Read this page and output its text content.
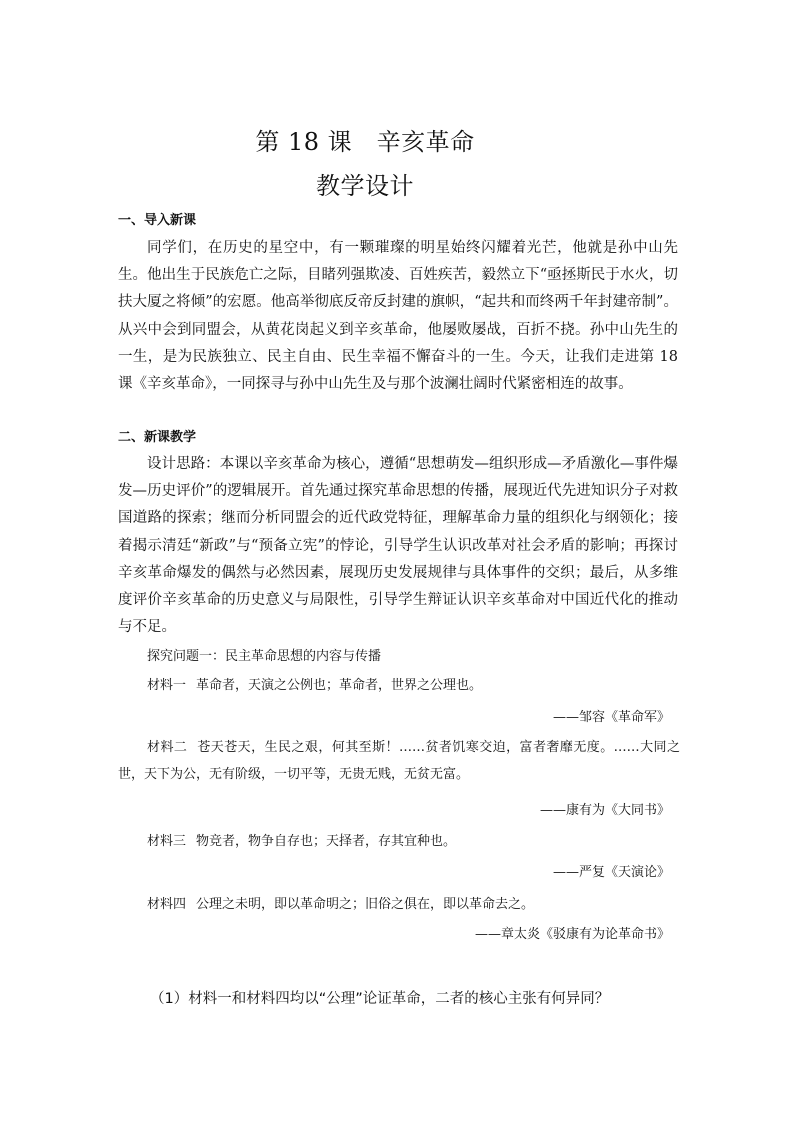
第 18 课　辛亥革命
教学设计
一、导入新课

同学们，在历史的星空中，有一颗璀璨的明星始终闪耀着光芒，他就是孙中山先生。他出生于民族危亡之际，目睹列强欺凌、百姓疾苦，毅然立下“亟拯斯民于水火，切扶大厦之将倾”的宏愿。他高举彻底反帝反封建的旗帜，“起共和而终两千年封建帝制”。从兴中会到同盟会，从黄花岗起义到辛亥革命，他屡败屡战，百折不挠。孙中山先生的一生，是为民族独立、民主自由、民生幸福不懈奋斗的一生。今天，让我们走进第 18 课《辛亥革命》，一同探寻与孙中山先生及与那个波澜壮阔时代紧密相连的故事。

二、新课教学

设计思路：本课以辛亥革命为核心，遵循“思想萌发—组织形成—矛盾激化—事件爆发—历史评价”的逻辑展开。首先通过探究革命思想的传播，展现近代先进知识分子对救国道路的探索；继而分析同盟会的近代政党特征，理解革命力量的组织化与纲领化；接着揭示清廷“新政”与“预备立宪”的悖论，引导学生认识改革对社会矛盾的影响；再探讨辛亥革命爆发的偶然与必然因素，展现历史发展规律与具体事件的交织；最后，从多维度评价辛亥革命的历史意义与局限性，引导学生辩证认识辛亥革命对中国近代化的推动与不足。

探究问题一：民主革命思想的内容与传播

材料一 革命者，天演之公例也；革命者，世界之公理也。

——邹容《革命军》

材料二 苍天苍天，生民之艰，何其至斯！……贫者饥寒交迫，富者奢靡无度。……大同之世，天下为公，无有阶级，一切平等，无贵无贱，无贫无富。

——康有为《大同书》

材料三 物竞者，物争自存也；天择者，存其宜种也。

——严复《天演论》

材料四 公理之未明，即以革命明之；旧俗之俱在，即以革命去之。

——章太炎《驳康有为论革命书》
（1）材料一和材料四均以“公理”论证革命，二者的核心主张有何异同？
